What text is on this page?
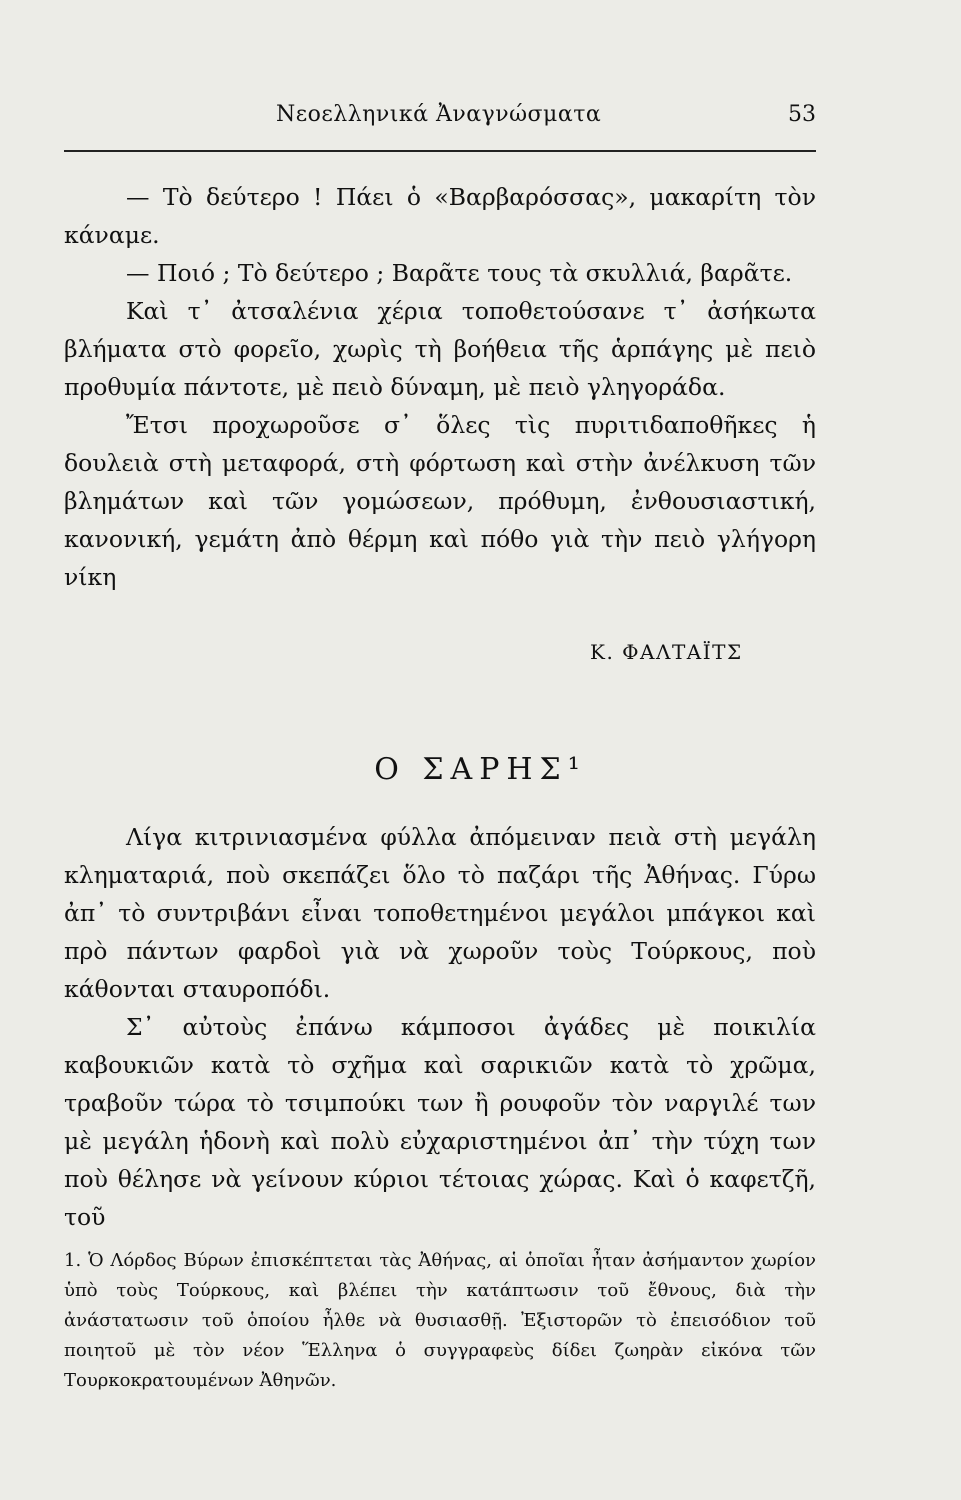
Νεοελληνικά Ἀναγνώσματα	53

— Τὸ δεύτερο ! Πάει ὁ «Βαρβαρόσσας», μακαρίτη τὸν κάναμε.

— Ποιό ; Τὸ δεύτερο ; Βαρᾶτε τους τὰ σκυλλιά, βαρᾶτε.

Καὶ τ᾿ ἀτσαλένια χέρια τοποθετούσανε τ᾿ ἀσήκωτα βλήματα στὸ φορεῖο, χωρὶς τὴ βοήθεια τῆς ἁρπάγης μὲ πειὸ προθυμία πάντοτε, μὲ πειὸ δύναμη, μὲ πειὸ γληγοράδα.

Ἔτσι προχωροῦσε σ᾿ ὅλες τὶς πυριτιδαποθῆκες ἡ δουλειὰ στὴ μεταφορά, στὴ φόρτωση καὶ στὴν ἀνέλκυση τῶν βλημάτων καὶ τῶν γομώσεων, πρόθυμη, ἐνθουσιαστική, κανονική, γεμάτη ἀπὸ θέρμη καὶ πόθο γιὰ τὴν πειὸ γλήγορη νίκη

Κ. ΦΑΛΤΑΪΤΣ
Ο ΣΑΡΗΣ¹

Λίγα κιτρινιασμένα φύλλα ἀπόμειναν πειὰ στὴ μεγάλη κληματαριά, ποὺ σκεπάζει ὅλο τὸ παζάρι τῆς Ἀθήνας. Γύρω ἀπ᾿ τὸ συντριβάνι εἶναι τοποθετημένοι μεγάλοι μπάγκοι καὶ πρὸ πάντων φαρδοὶ γιὰ νὰ χωροῦν τοὺς Τούρκους, ποὺ κάθονται σταυροπόδι.

Σ᾿ αὐτοὺς ἐπάνω κάμποσοι ἀγάδες μὲ ποικιλία καβουκιῶν κατὰ τὸ σχῆμα καὶ σαρικιῶν κατὰ τὸ χρῶμα, τραβοῦν τώρα τὸ τσιμπούκι των ἢ ρουφοῦν τὸν ναργιλέ των μὲ μεγάλη ἡδονὴ καὶ πολὺ εὐχαριστημένοι ἀπ᾿ τὴν τύχη των ποὺ θέλησε νὰ γείνουν κύριοι τέτοιας χώρας. Καὶ ὁ καφετζῆ, τοῦ

1. Ὁ Λόρδος Βύρων ἐπισκέπτεται τὰς Ἀθήνας, αἱ ὁποῖαι ἦταν ἀσήμαντον χωρίον ὑπὸ τοὺς Τούρκους, καὶ βλέπει τὴν κατάπτωσιν τοῦ ἔθνους, διὰ τὴν ἀνάστατωσιν τοῦ ὁποίου ἦλθε νὰ θυσιασθῇ. Ἐξιστορῶν τὸ ἐπεισόδιον τοῦ ποιητοῦ μὲ τὸν νέον Ἕλληνα ὁ συγγραφεὺς δίδει ζωηρὰν εἰκόνα τῶν Τουρκοκρατουμένων Ἀθηνῶν.
